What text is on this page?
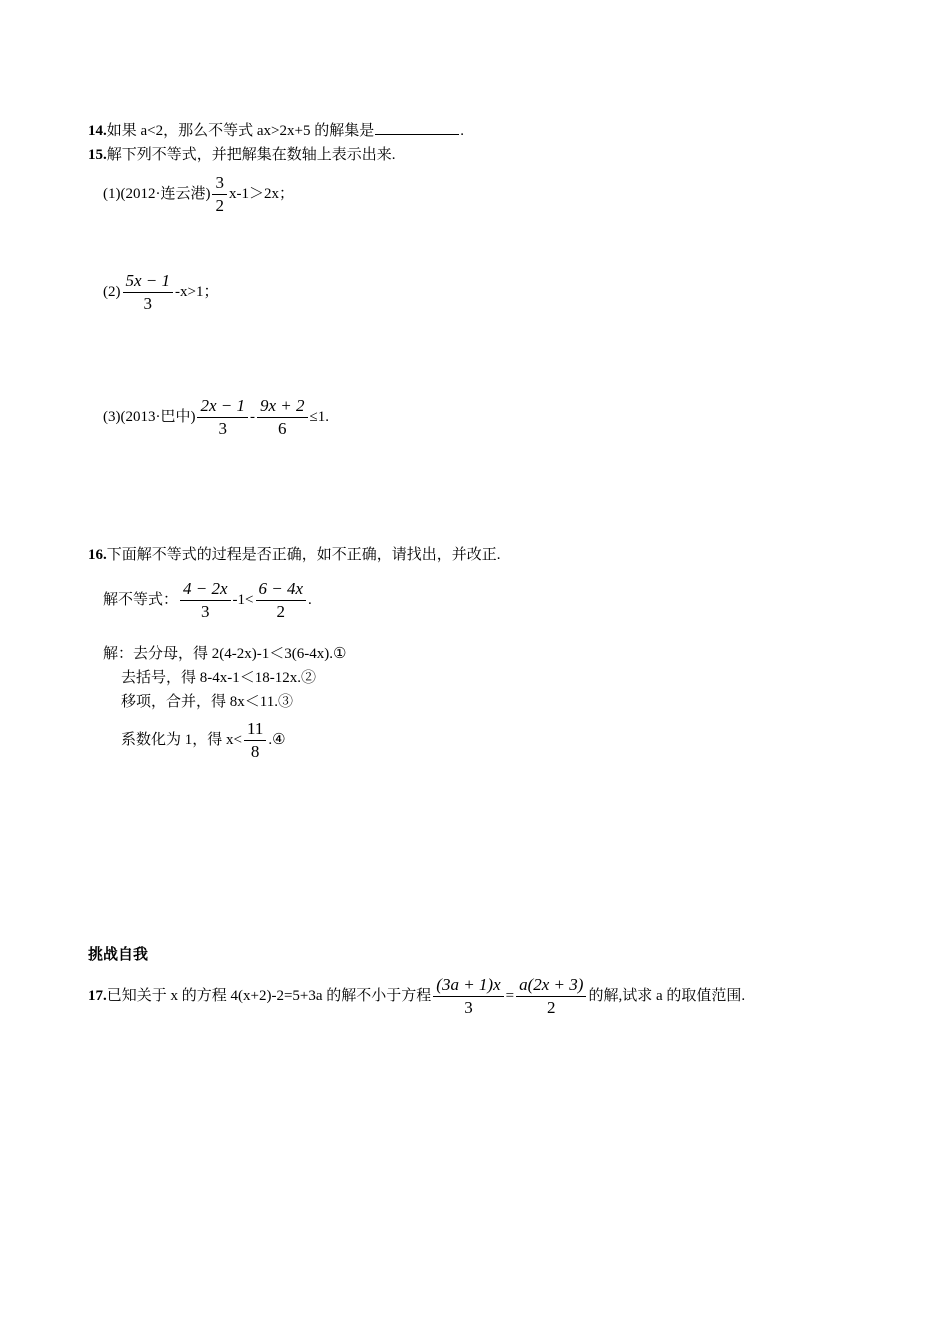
14.如果 a<2，那么不等式 ax>2x+5 的解集是	.
15.解下列不等式，并把解集在数轴上表示出来.
(1)(2012·连云港) $\frac{3}{2} x-1>2x$；
$(2) \frac{5x - 1}{3} -x>1$；
(3)(2013·巴中) $\frac{2x - 1}{3} - \frac{9x + 2}{6} \le 1$.
16.下面解不等式的过程是否正确，如不正确，请找出，并改正.
解不等式： $\frac{4 - 2x}{3} -1< \frac{6 - 4x}{2}$ .
解：去分母，得 2(4-2x)-1＜3(6-4x).①
去括号，得 8-4x-1＜18-12x.②
移项，合并，得 8x＜11.③
系数化为 1，得 $x< \frac{11}{8}$ .④
挑战自我
17.已知关于 x 的方程 4(x+2)-2=5+3a 的解不小于方程 $\frac{(3a + 1)x}{3} = \frac{a(2x + 3)}{2}$ 的解,试求 a 的取值范围.
